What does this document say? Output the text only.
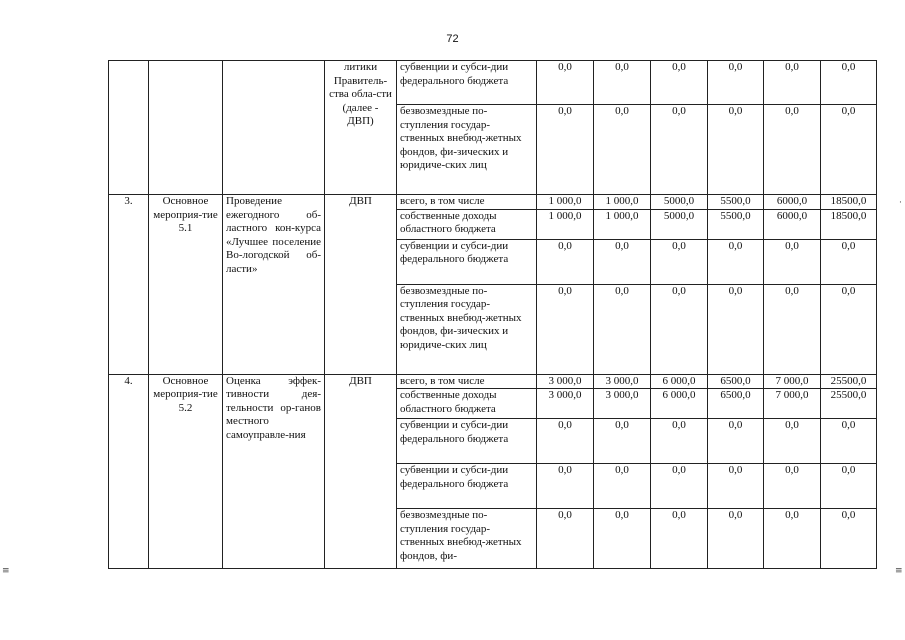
72
			литики Правитель-ства обла-сти (далее - ДВП)	субвенции и субси-дии федерального бюджета	0,0	0,0	0,0	0,0	0,0	0,0
				безвозмездные по-ступления государ-ственных внебюд-жетных фондов, фи-зических и юридиче-ских лиц	0,0	0,0	0,0	0,0	0,0	0,0
3.	Основное мероприя-тие 5.1	Проведение ежегодного об-ластного кон-курса «Лучшее поселение Во-логодской об-ласти»	ДВП	всего, в том числе	1 000,0	1 000,0	5000,0	5500,0	6000,0	18500,0
				собственные доходы областного бюджета	1 000,0	1 000,0	5000,0	5500,0	6000,0	18500,0
				субвенции и субси-дии федерального бюджета	0,0	0,0	0,0	0,0	0,0	0,0
				безвозмездные по-ступления государ-ственных внебюд-жетных фондов, фи-зических и юридиче-ских лиц	0,0	0,0	0,0	0,0	0,0	0,0
4.	Основное мероприя-тие 5.2	Оценка эффек-тивности дея-тельности ор-ганов местного самоуправле-ния	ДВП	всего, в том числе	3 000,0	3 000,0	6 000,0	6500,0	7 000,0	25500,0
				собственные доходы областного бюджета	3 000,0	3 000,0	6 000,0	6500,0	7 000,0	25500,0
				субвенции и субси-дии федерального бюджета	0,0	0,0	0,0	0,0	0,0	0,0
				субвенции и субси-дии федерального бюджета	0,0	0,0	0,0	0,0	0,0	0,0
				безвозмездные по-ступления государ-ственных внебюд-жетных фондов, фи-	0,0	0,0	0,0	0,0	0,0	0,0
·
≡	≡
